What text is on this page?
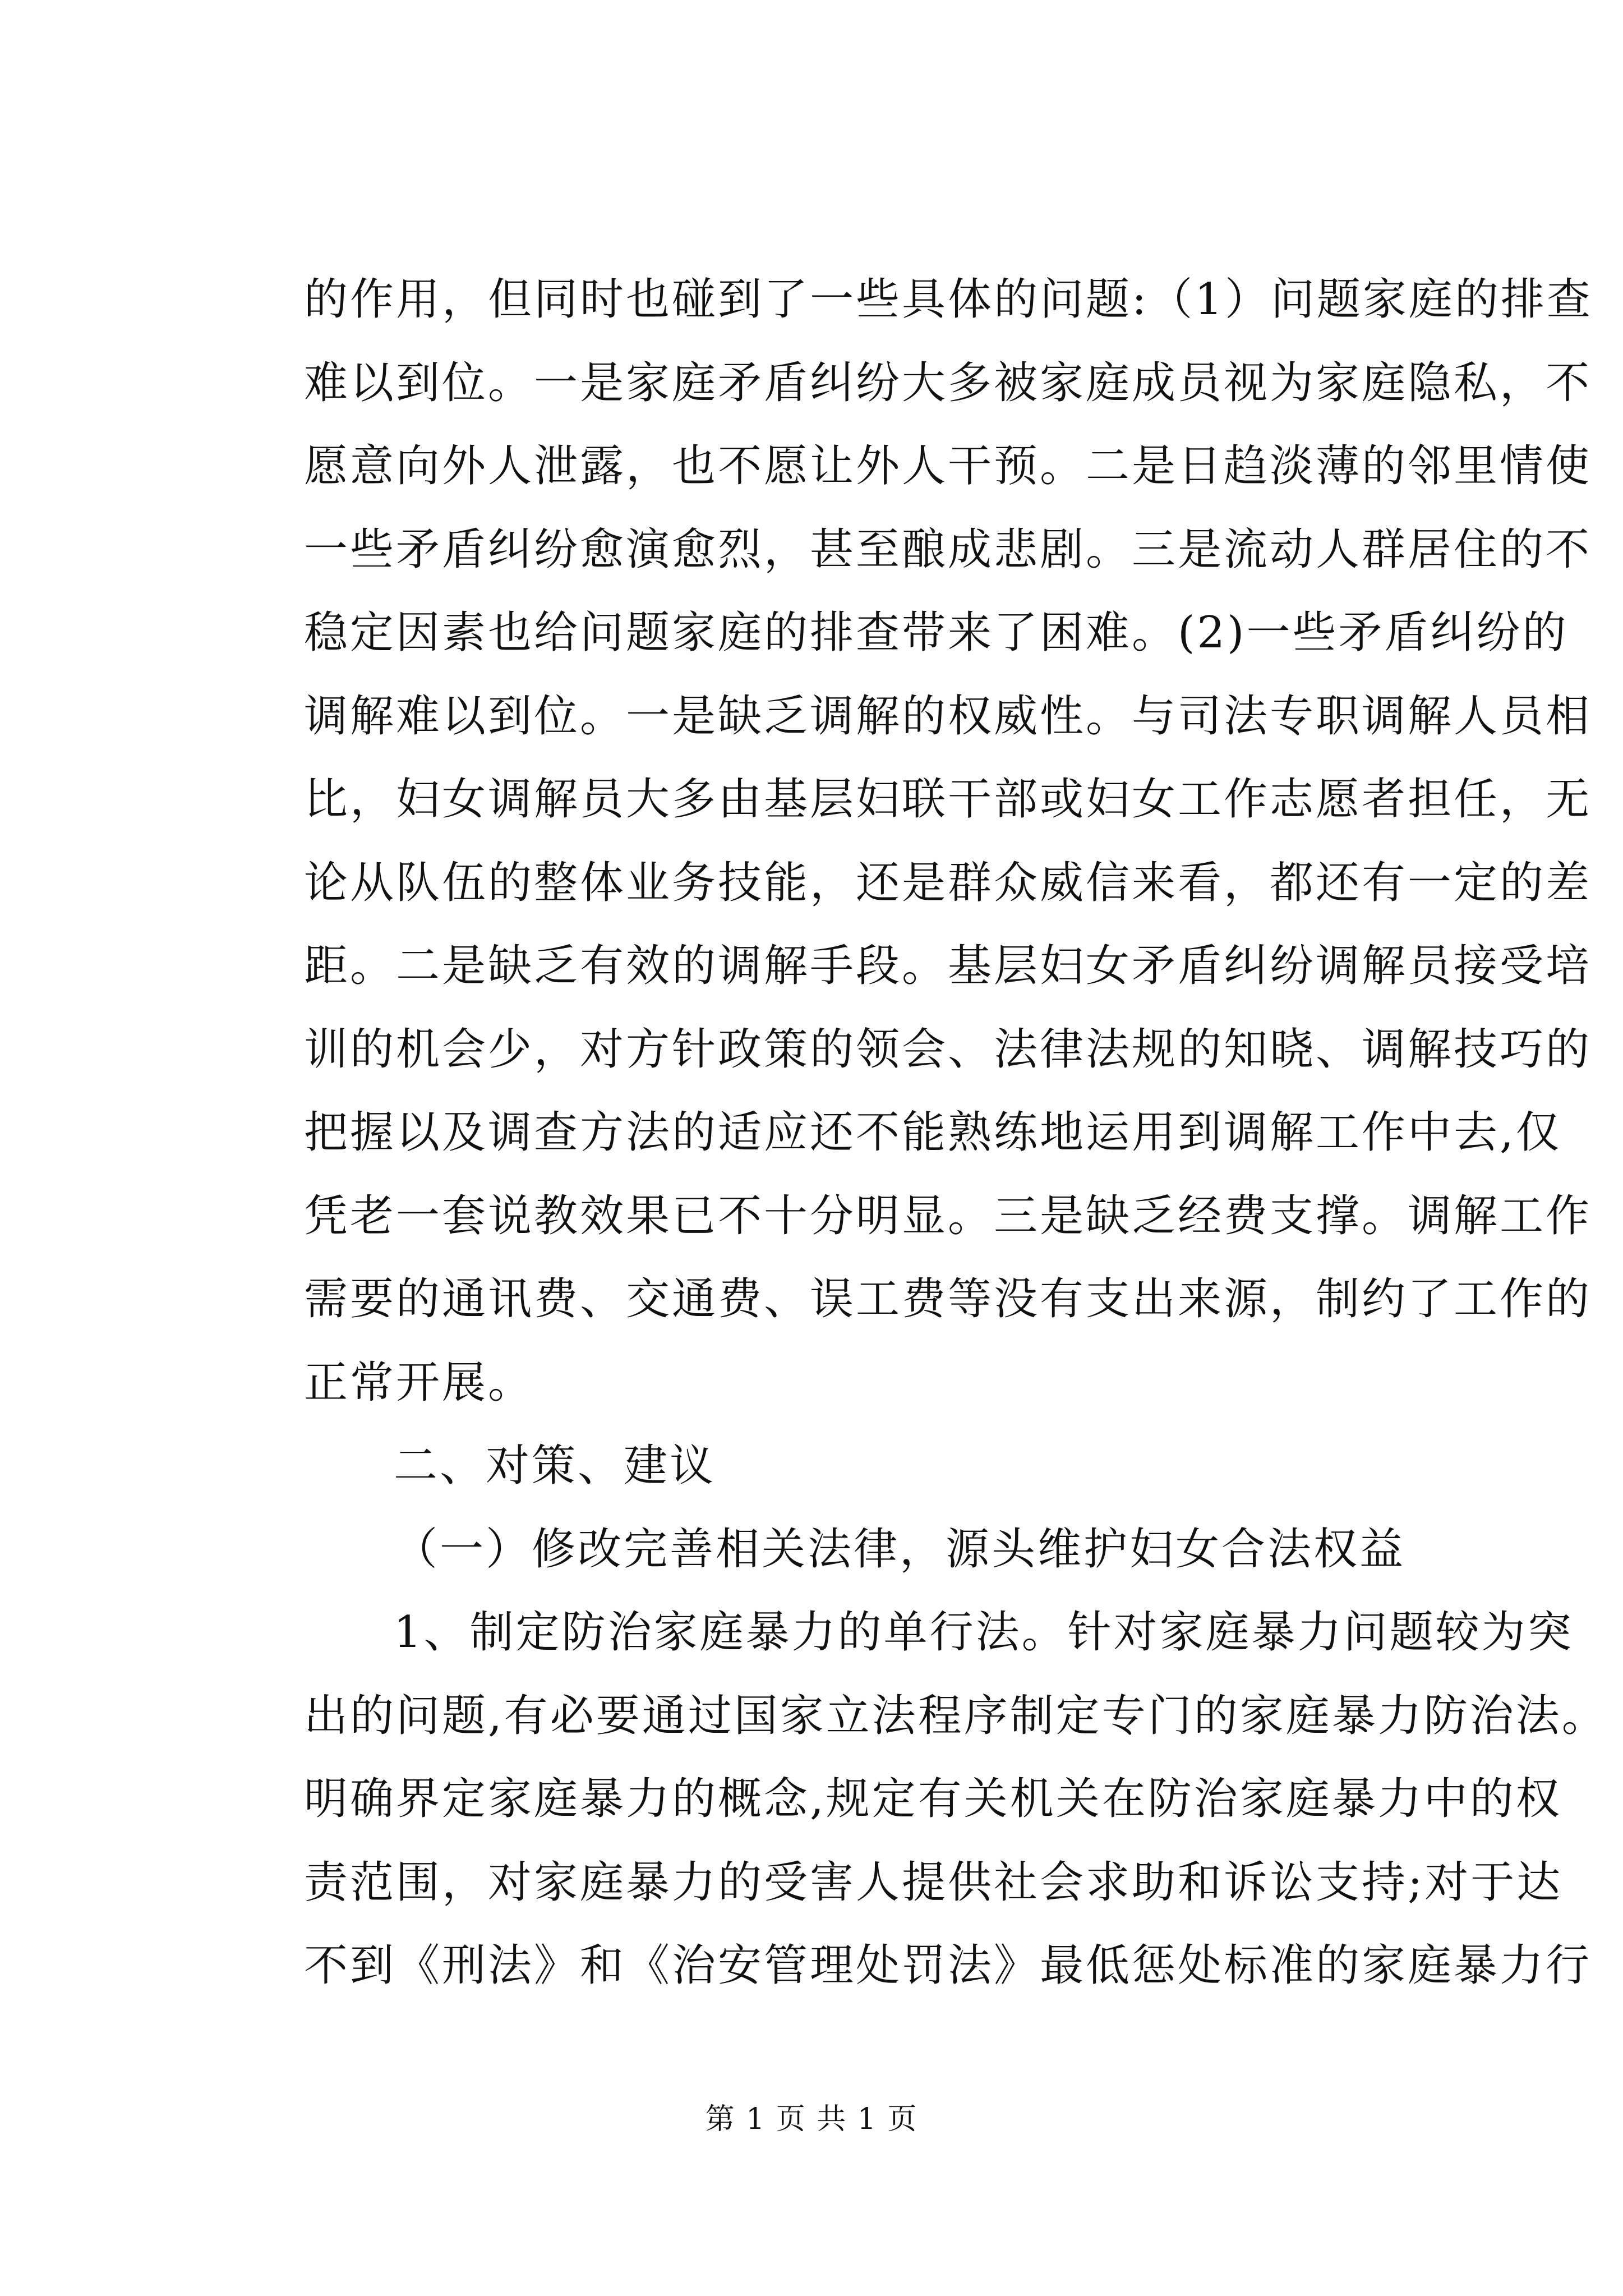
的作用，但同时也碰到了一些具体的问题:（1）问题家庭的排查
难以到位。一是家庭矛盾纠纷大多被家庭成员视为家庭隐私，不
愿意向外人泄露，也不愿让外人干预。二是日趋淡薄的邻里情使
一些矛盾纠纷愈演愈烈，甚至酿成悲剧。三是流动人群居住的不
稳定因素也给问题家庭的排查带来了困难。(2)一些矛盾纠纷的
调解难以到位。一是缺乏调解的权威性。与司法专职调解人员相
比，妇女调解员大多由基层妇联干部或妇女工作志愿者担任，无
论从队伍的整体业务技能，还是群众威信来看，都还有一定的差
距。二是缺乏有效的调解手段。基层妇女矛盾纠纷调解员接受培
训的机会少，对方针政策的领会、法律法规的知晓、调解技巧的
把握以及调查方法的适应还不能熟练地运用到调解工作中去,仅
凭老一套说教效果已不十分明显。三是缺乏经费支撑。调解工作
需要的通讯费、交通费、误工费等没有支出来源，制约了工作的
正常开展。
二、对策、建议
（一）修改完善相关法律，源头维护妇女合法权益
1、制定防治家庭暴力的单行法。针对家庭暴力问题较为突
出的问题,有必要通过国家立法程序制定专门的家庭暴力防治法。
明确界定家庭暴力的概念,规定有关机关在防治家庭暴力中的权
责范围，对家庭暴力的受害人提供社会求助和诉讼支持;对于达
不到《刑法》和《治安管理处罚法》最低惩处标准的家庭暴力行
第 1 页 共 1 页
